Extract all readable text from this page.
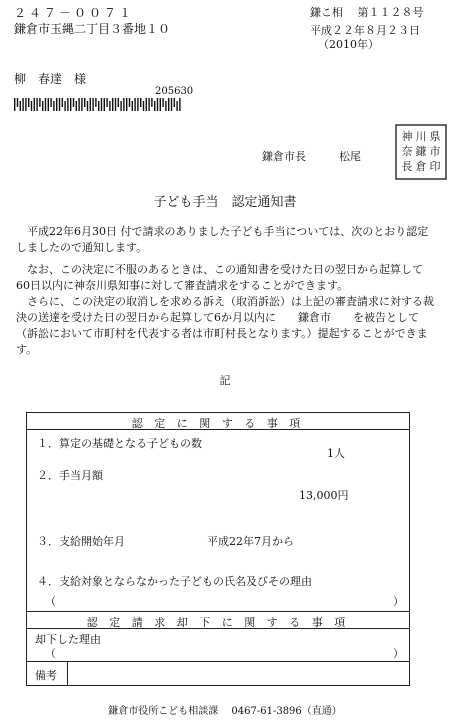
２４７－００７１
鎌倉市玉縄二丁目３番地１０
鎌こ相　 第１１２８号
平成２２年８月２３日
（2010年）
柳　春達　様
205630
鎌倉市長　　　松尾
県
市
印
川
鎌
倉
神
奈
長
子ども手当　認定通知書
平成22年6月30日 付で請求のありました子ども手当については、次のとおり認定しましたので通知します。
なお、この決定に不服のあるときは、この通知書を受けた日の翌日から起算して60日以内に神奈川県知事に対して審査請求をすることができます。
さらに、この決定の取消しを求める訴え（取消訴訟）は上記の審査請求に対する裁決の送達を受けた日の翌日から起算して6か月以内に　　鎌倉市　　を被告として（訴訟において市町村を代表する者は市町村長となります。）提起することができます。
記
認 定 に 関 す る 事 項
１．算定の基礎となる子どもの数
1人
２．手当月額
13,000円
３．支給開始年月	平成22年7月から
４．支給対象とならなかった子どもの氏名及びその理由
（	）
認 定 請 求 却 下 に 関 す る 事 項
却下した理由
（	）
備考
鎌倉市役所こども相談課　 0467-61-3896（直通）
